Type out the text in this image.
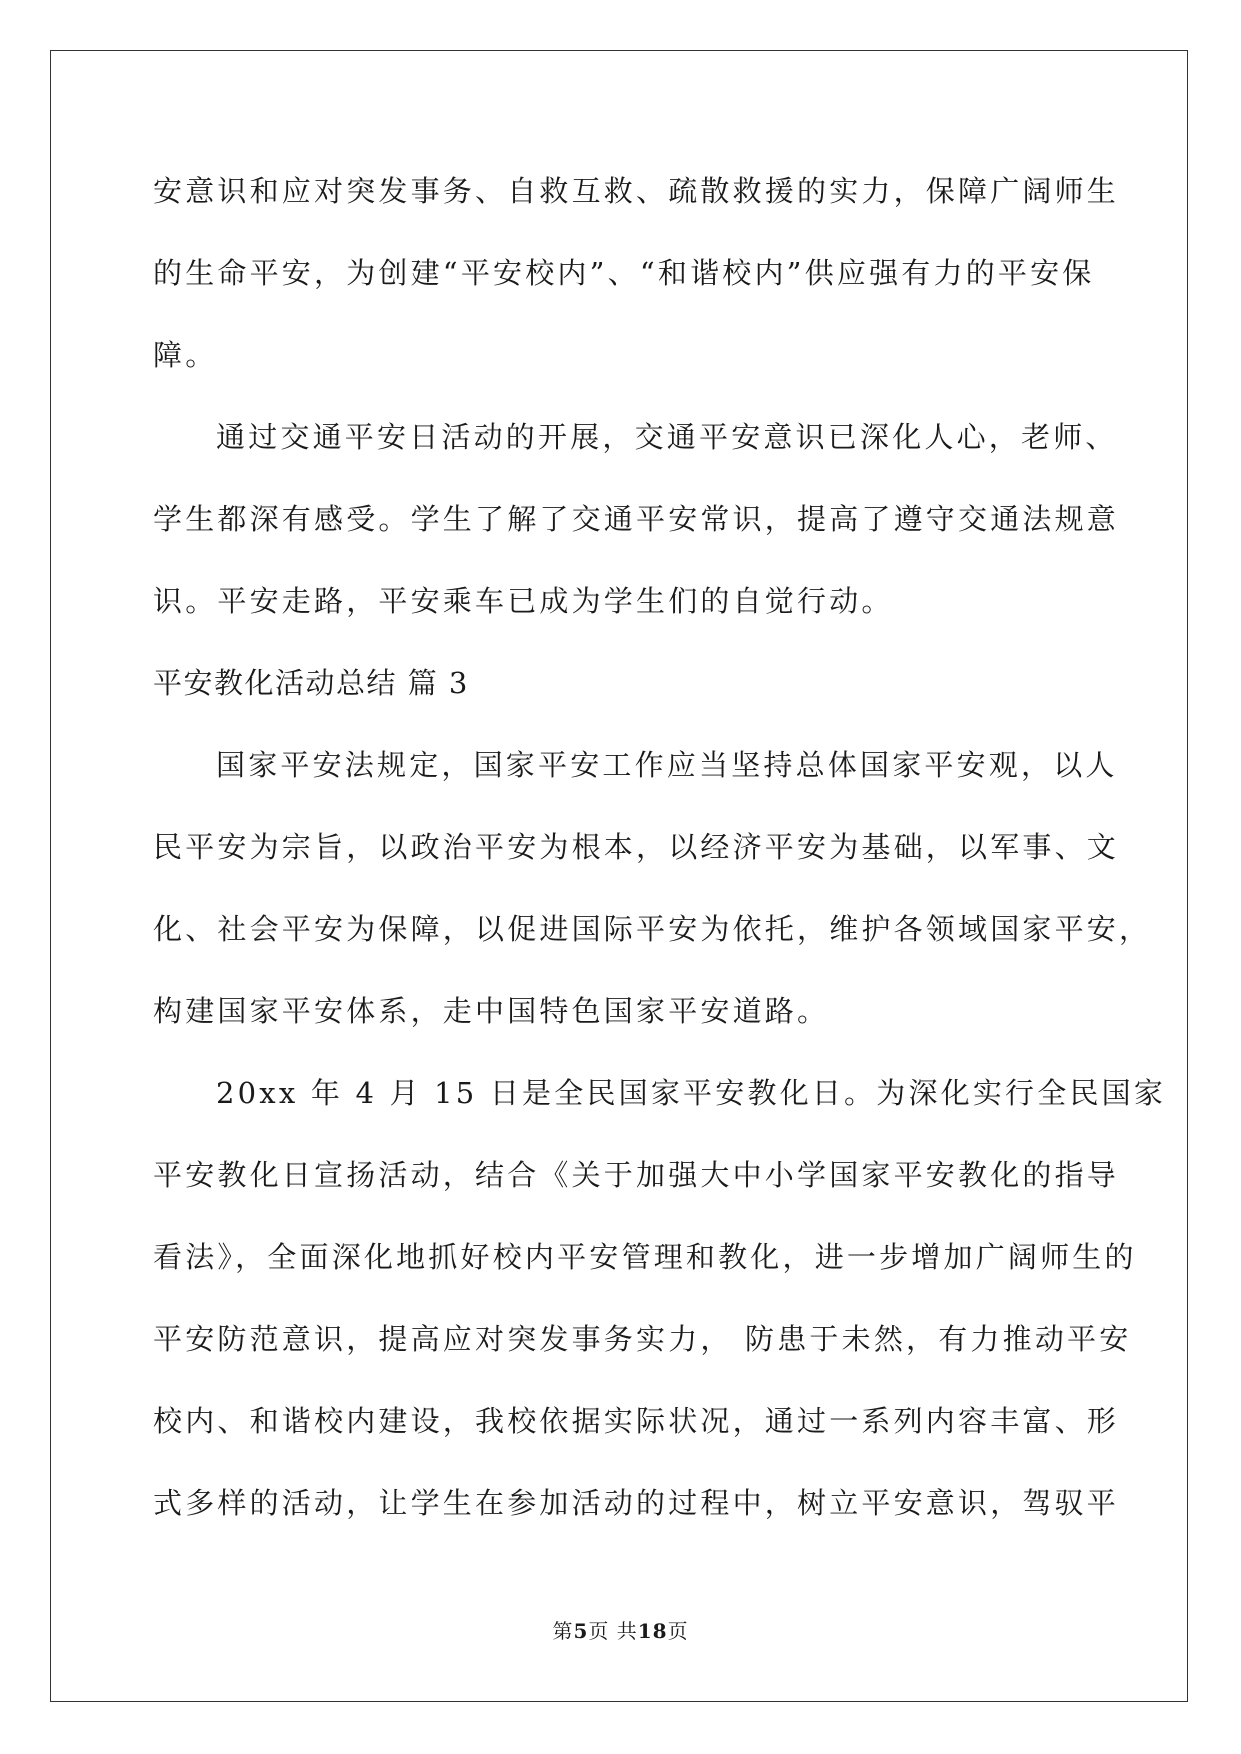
安意识和应对突发事务、自救互救、疏散救援的实力，保障广阔师生
的生命平安，为创建“平安校内”、“和谐校内”供应强有力的平安保
障。
通过交通平安日活动的开展，交通平安意识已深化人心，老师、
学生都深有感受。学生了解了交通平安常识，提高了遵守交通法规意
识。平安走路，平安乘车已成为学生们的自觉行动。
平安教化活动总结 篇 3
国家平安法规定，国家平安工作应当坚持总体国家平安观，以人
民平安为宗旨，以政治平安为根本，以经济平安为基础，以军事、文
化、社会平安为保障，以促进国际平安为依托，维护各领域国家平安，
构建国家平安体系，走中国特色国家平安道路。
20xx 年 4 月 15 日是全民国家平安教化日。为深化实行全民国家
平安教化日宣扬活动，结合《关于加强大中小学国家平安教化的指导
看法》，全面深化地抓好校内平安管理和教化，进一步增加广阔师生的
平安防范意识，提高应对突发事务实力， 防患于未然，有力推动平安
校内、和谐校内建设，我校依据实际状况，通过一系列内容丰富、形
式多样的活动，让学生在参加活动的过程中，树立平安意识，驾驭平
第5页 共18页
